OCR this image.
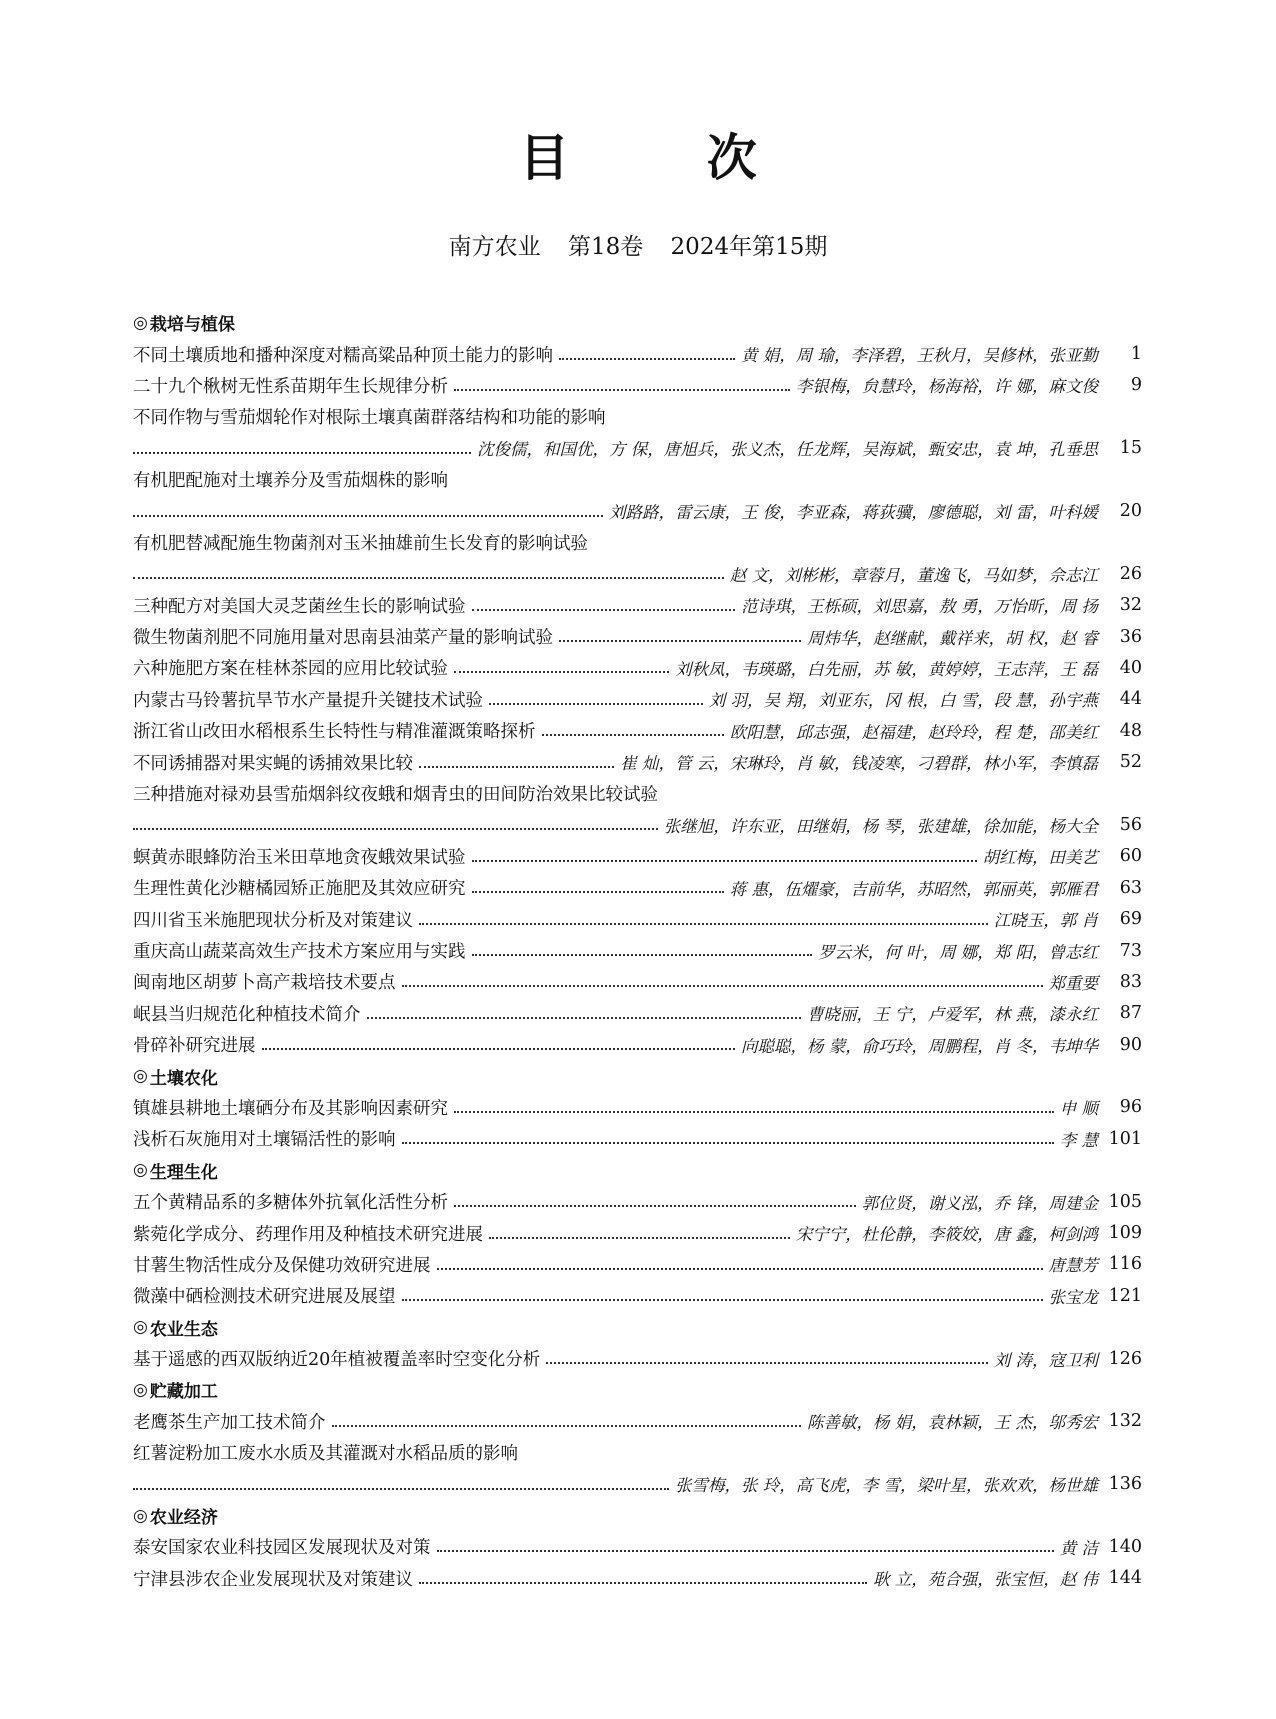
目 次
南方农业 第18卷 2024年第15期
◎ 栽培与植保
不同土壤质地和播种深度对糯高粱品种顶土能力的影响	黄 娟，周 瑜，李泽碧，王秋月，吴修林，张亚勤	1
二十九个楸树无性系苗期年生长规律分析	李银梅，贠慧玲，杨海裕，许 娜，麻文俊	9
不同作物与雪茄烟轮作对根际土壤真菌群落结构和功能的影响
沈俊儒，和国优，方 保，唐旭兵，张义杰，任龙辉，吴海斌，甄安忠，袁 坤，孔垂思	15
有机肥配施对土壤养分及雪茄烟株的影响
刘路路，雷云康，王 俊，李亚森，蒋荻骥，廖德聪，刘 雷，叶科媛	20
有机肥替减配施生物菌剂对玉米抽雄前生长发育的影响试验
赵 文，刘彬彬，章蓉月，董逸飞，马如梦，佘志江	26
三种配方对美国大灵芝菌丝生长的影响试验	范诗琪，王栎硕，刘思嘉，敖 勇，万怡昕，周 扬	32
微生物菌剂肥不同施用量对思南县油菜产量的影响试验	周炜华，赵继献，戴祥来，胡 权，赵 睿	36
六种施肥方案在桂林茶园的应用比较试验	刘秋凤，韦瑛璐，白先丽，苏 敏，黄婷婷，王志萍，王 磊	40
内蒙古马铃薯抗旱节水产量提升关键技术试验	刘 羽，吴 翔，刘亚东，冈 根，白 雪，段 慧，孙宇燕	44
浙江省山改田水稻根系生长特性与精准灌溉策略探析	欧阳慧，邱志强，赵福建，赵玲玲，程 楚，邵美红	48
不同诱捕器对果实蝇的诱捕效果比较	崔 灿，管 云，宋琳玲，肖 敏，钱凌寒，刁碧群，林小军，李慎磊	52
三种措施对禄劝县雪茄烟斜纹夜蛾和烟青虫的田间防治效果比较试验
张继旭，许东亚，田继娟，杨 琴，张建雄，徐加能，杨大全	56
螟黄赤眼蜂防治玉米田草地贪夜蛾效果试验	胡红梅，田美艺	60
生理性黄化沙糖橘园矫正施肥及其效应研究	蒋 惠，伍燿豪，吉前华，苏昭然，郭丽英，郭雁君	63
四川省玉米施肥现状分析及对策建议	江晓玉，郭 肖	69
重庆高山蔬菜高效生产技术方案应用与实践	罗云米，何 叶，周 娜，郑 阳，曾志红	73
闽南地区胡萝卜高产栽培技术要点	郑重要	83
岷县当归规范化种植技术简介	曹晓丽，王 宁，卢爱军，林 燕，漆永红	87
骨碎补研究进展	向聪聪，杨 蒙，俞巧玲，周鹏程，肖 冬，韦坤华	90
◎ 土壤农化
镇雄县耕地土壤硒分布及其影响因素研究	申 顺	96
浅析石灰施用对土壤镉活性的影响	李 慧 101
◎ 生理生化
五个黄精品系的多糖体外抗氧化活性分析	郭位贤，谢义泓，乔 锋，周建金 105
紫菀化学成分、药理作用及种植技术研究进展	宋宁宁，杜伦静，李筱姣，唐 鑫，柯剑鸿 109
甘薯生物活性成分及保健功效研究进展	唐慧芳 116
微藻中硒检测技术研究进展及展望	张宝龙 121
◎ 农业生态
基于遥感的西双版纳近20年植被覆盖率时空变化分析	刘 涛，寇卫利 126
◎ 贮藏加工
老鹰茶生产加工技术简介	陈善敏，杨 娟，袁林颖，王 杰，邬秀宏 132
红薯淀粉加工废水水质及其灌溉对水稻品质的影响
张雪梅，张 玲，高飞虎，李 雪，梁叶星，张欢欢，杨世雄 136
◎ 农业经济
泰安国家农业科技园区发展现状及对策	黄 洁 140
宁津县涉农企业发展现状及对策建议	耿 立，苑合强，张宝恒，赵 伟 144
